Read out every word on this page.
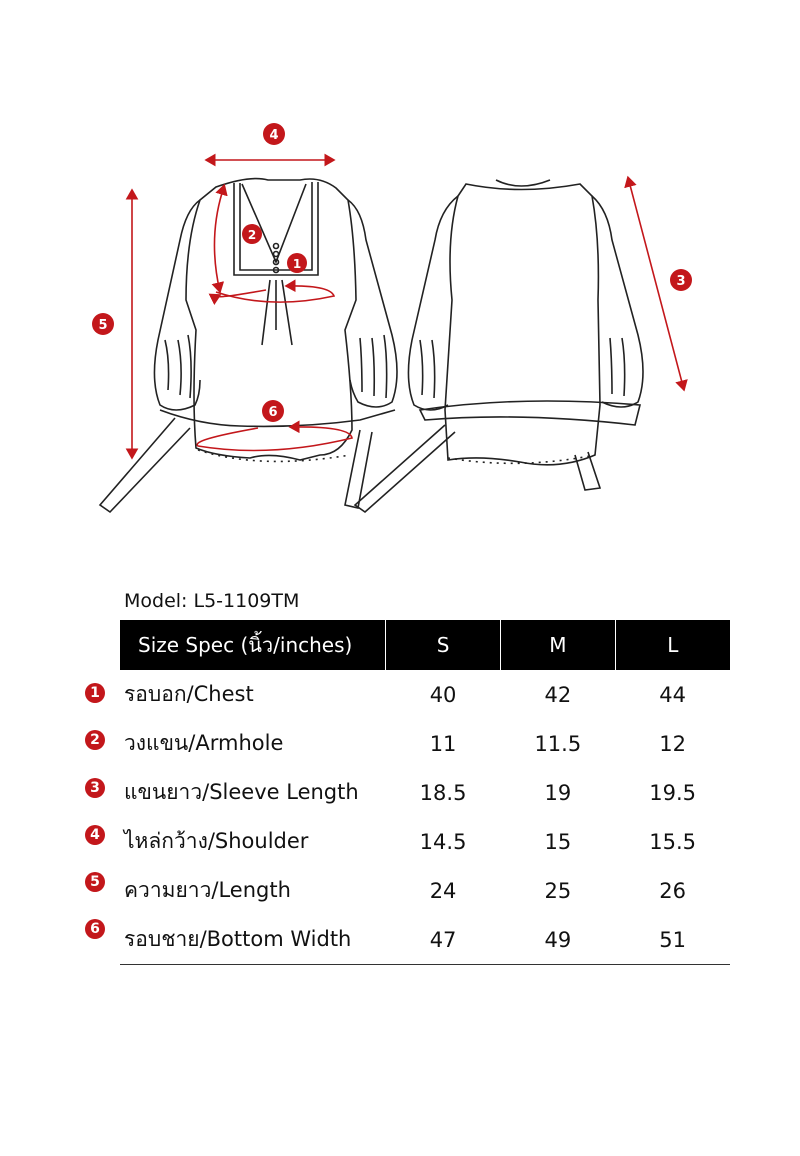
4
2
1
5
3
6
Model: L5-1109TM
Size Spec (นิ้ว/inches)	S	M	L
รอบอก/Chest	40	42	44
วงแขน/Armhole	11	11.5	12
แขนยาว/Sleeve Length	18.5	19	19.5
ไหล่กว้าง/Shoulder	14.5	15	15.5
ความยาว/Length	24	25	26
รอบชาย/Bottom Width	47	49	51
1
2
3
4
5
6
